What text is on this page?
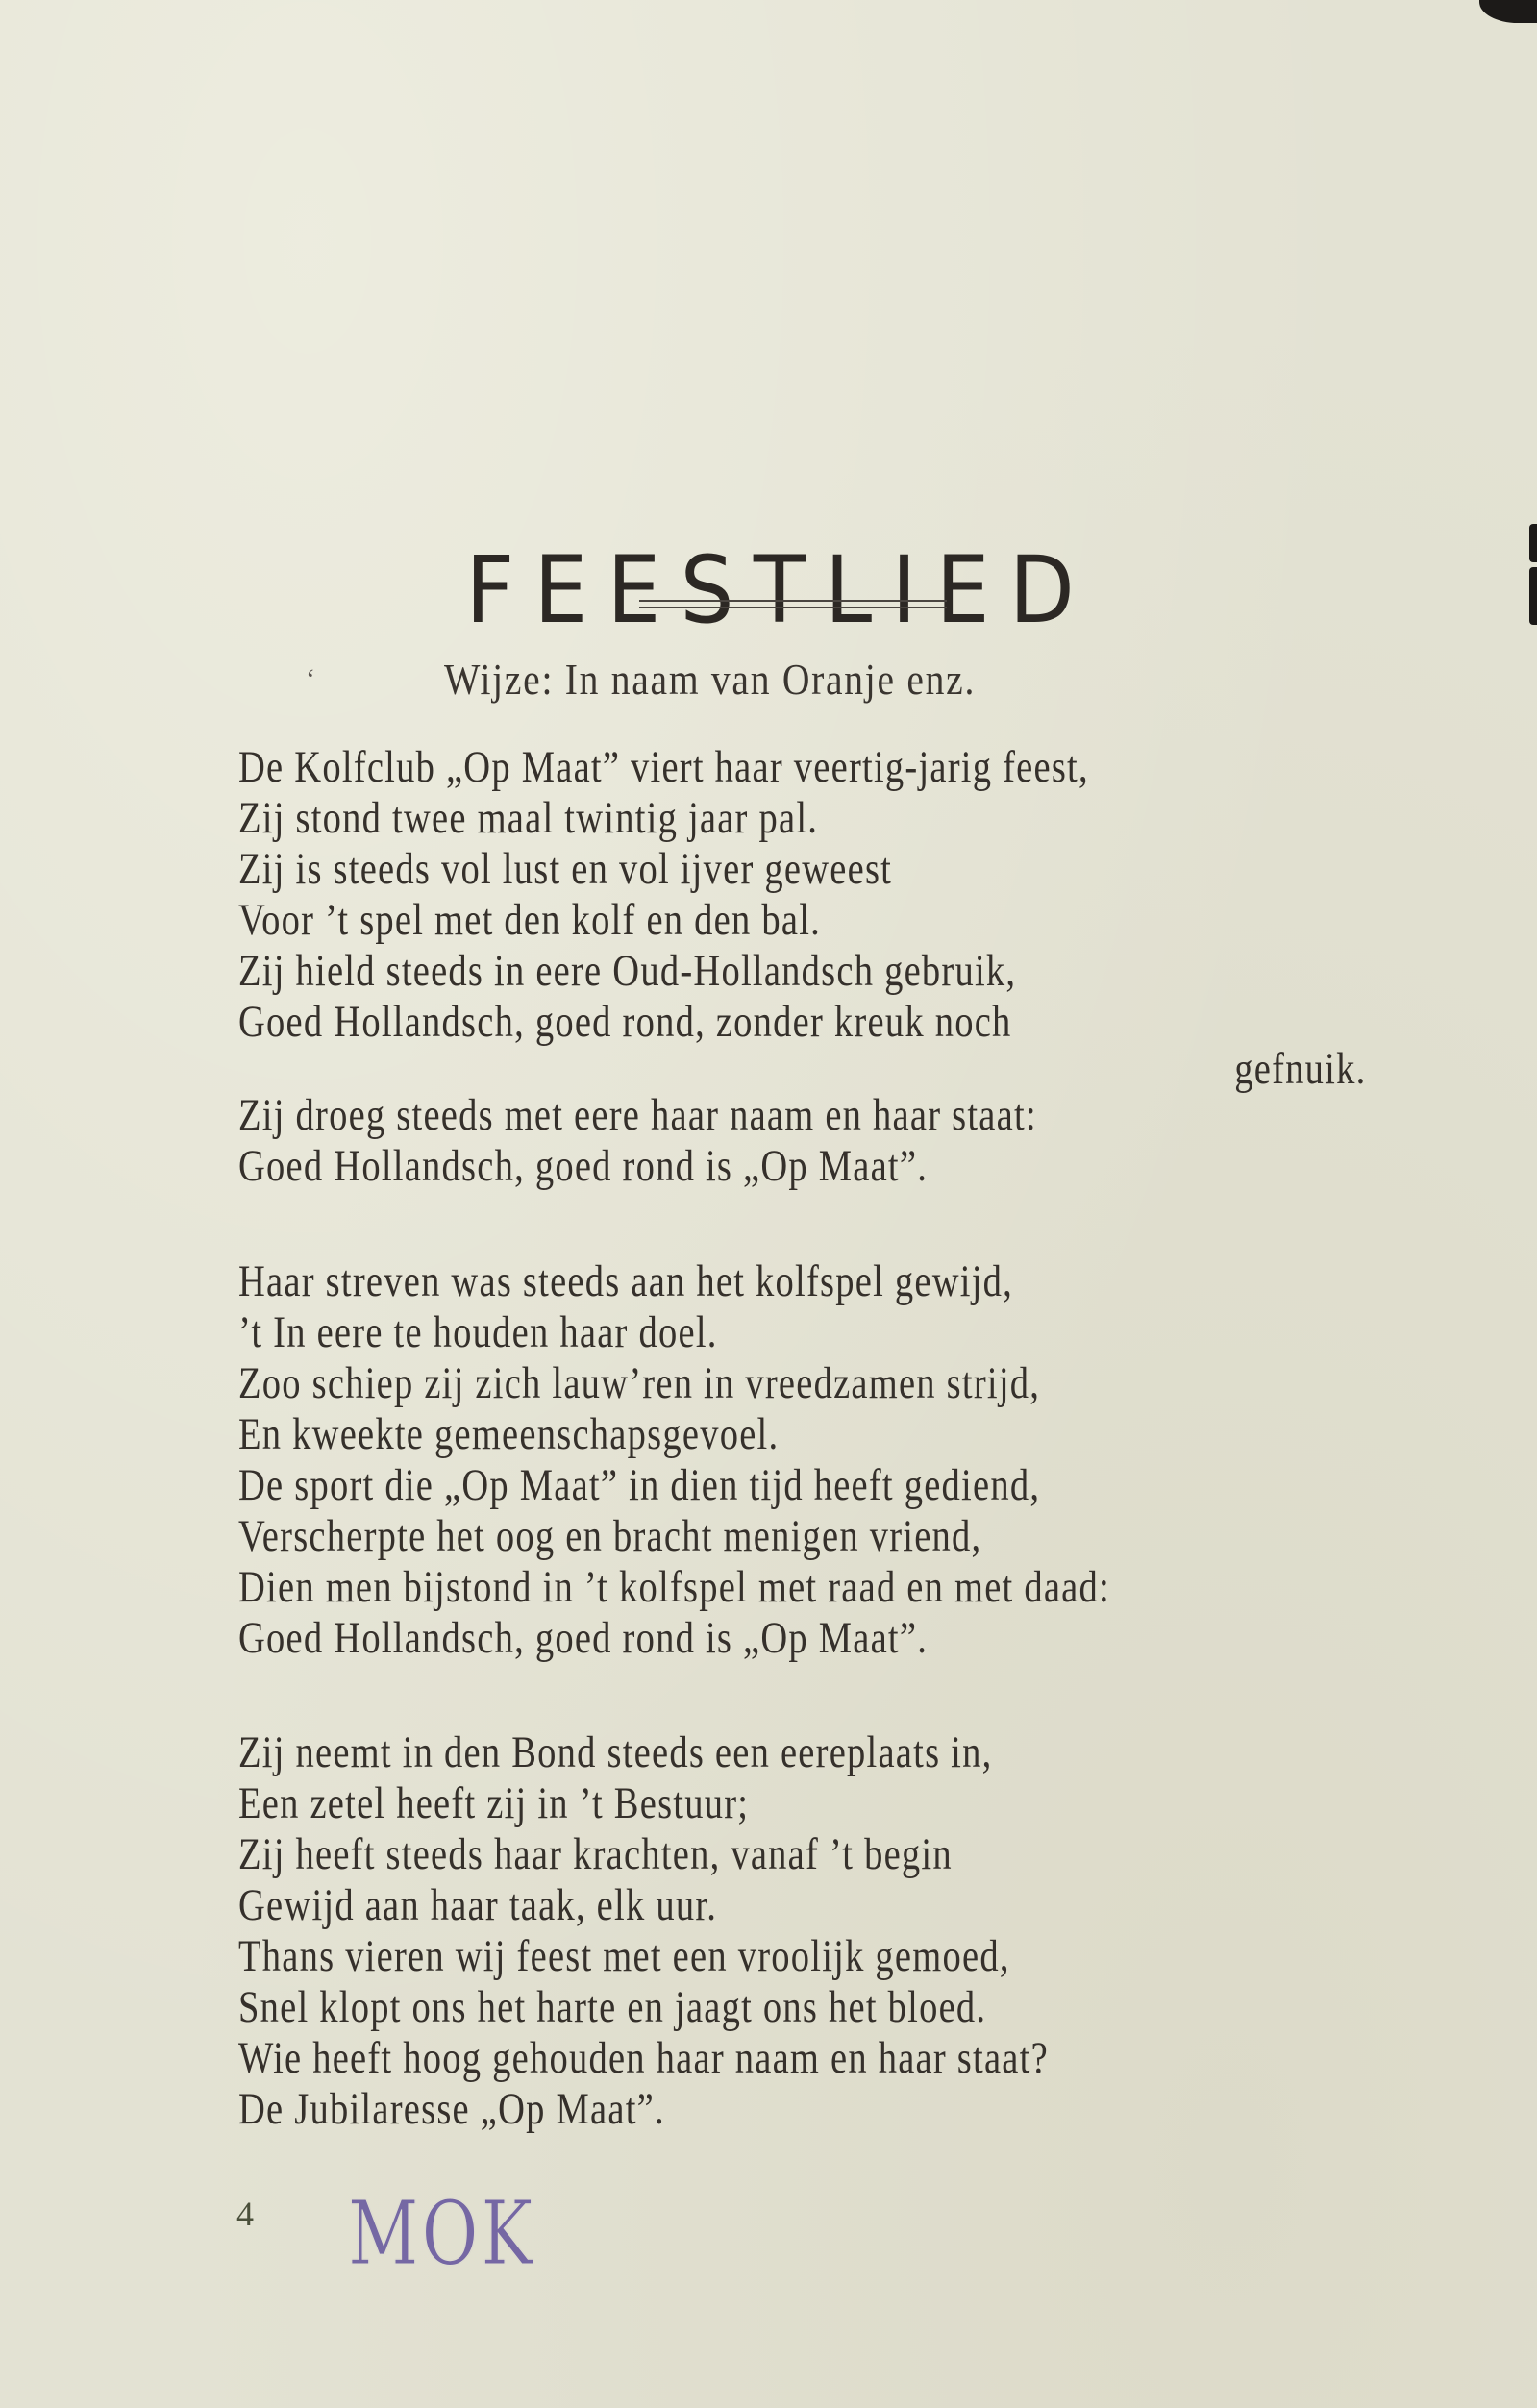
FEESTLIED
‘	Wijze: In naam van Oranje enz.
De Kolfclub „Op Maat” viert haar veertig-jarig feest,
Zij stond twee maal twintig jaar pal.
Zij is steeds vol lust en vol ijver geweest
Voor ’t spel met den kolf en den bal.
Zij hield steeds in eere Oud-Hollandsch gebruik,
Goed Hollandsch, goed rond, zonder kreuk noch
gefnuik.
Zij droeg steeds met eere haar naam en haar staat:
Goed Hollandsch, goed rond is „Op Maat”.
Haar streven was steeds aan het kolfspel gewijd,
’t In eere te houden haar doel.
Zoo schiep zij zich lauw’ren in vreedzamen strijd,
En kweekte gemeenschapsgevoel.
De sport die „Op Maat” in dien tijd heeft gediend,
Verscherpte het oog en bracht menigen vriend,
Dien men bijstond in ’t kolfspel met raad en met daad:
Goed Hollandsch, goed rond is „Op Maat”.
Zij neemt in den Bond steeds een eereplaats in,
Een zetel heeft zij in ’t Bestuur;
Zij heeft steeds haar krachten, vanaf ’t begin
Gewijd aan haar taak, elk uur.
Thans vieren wij feest met een vroolijk gemoed,
Snel klopt ons het harte en jaagt ons het bloed.
Wie heeft hoog gehouden haar naam en haar staat?
De Jubilaresse „Op Maat”.
4 MOK
